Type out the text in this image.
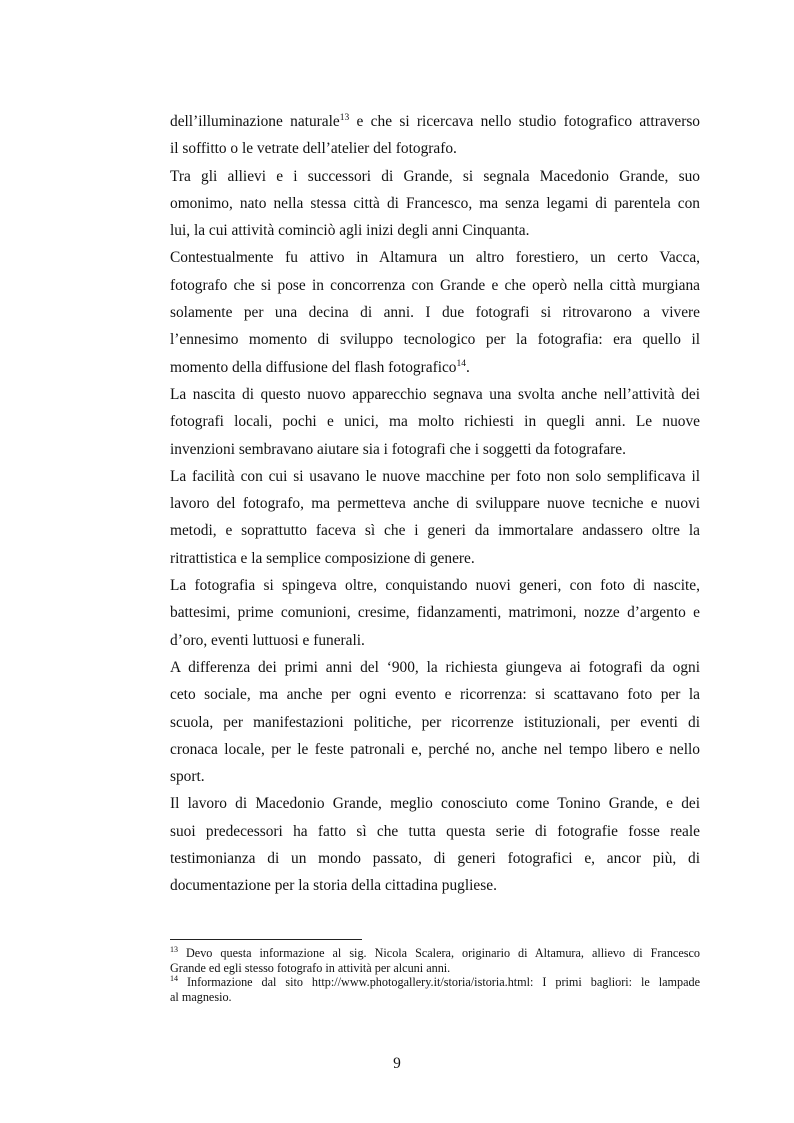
dell’illuminazione naturale$^{13}$ e che si ricercava nello studio fotografico attraverso
il soffitto o le vetrate dell’atelier del fotografo.
Tra gli allievi e i successori di Grande, si segnala Macedonio Grande, suo
omonimo, nato nella stessa città di Francesco, ma senza legami di parentela con
lui, la cui attività cominciò agli inizi degli anni Cinquanta.
Contestualmente fu attivo in Altamura un altro forestiero, un certo Vacca,
fotografo che si pose in concorrenza con Grande e che operò nella città murgiana
solamente per una decina di anni. I due fotografi si ritrovarono a vivere
l’ennesimo momento di sviluppo tecnologico per la fotografia: era quello il
momento della diffusione del flash fotografico$^{14}$.
La nascita di questo nuovo apparecchio segnava una svolta anche nell’attività dei
fotografi locali, pochi e unici, ma molto richiesti in quegli anni. Le nuove
invenzioni sembravano aiutare sia i fotografi che i soggetti da fotografare.
La facilità con cui si usavano le nuove macchine per foto non solo semplificava il
lavoro del fotografo, ma permetteva anche di sviluppare nuove tecniche e nuovi
metodi, e soprattutto faceva sì che i generi da immortalare andassero oltre la
ritrattistica e la semplice composizione di genere.
La fotografia si spingeva oltre, conquistando nuovi generi, con foto di nascite,
battesimi, prime comunioni, cresime, fidanzamenti, matrimoni, nozze d’argento e
d’oro, eventi luttuosi e funerali.
A differenza dei primi anni del ‘900, la richiesta giungeva ai fotografi da ogni
ceto sociale, ma anche per ogni evento e ricorrenza: si scattavano foto per la
scuola, per manifestazioni politiche, per ricorrenze istituzionali, per eventi di
cronaca locale, per le feste patronali e, perché no, anche nel tempo libero e nello
sport.
Il lavoro di Macedonio Grande, meglio conosciuto come Tonino Grande, e dei
suoi predecessori ha fatto sì che tutta questa serie di fotografie fosse reale
testimonianza di un mondo passato, di generi fotografici e, ancor più, di
documentazione per la storia della cittadina pugliese.
$^{13}$ Devo questa informazione al sig. Nicola Scalera, originario di Altamura, allievo di Francesco
Grande ed egli stesso fotografo in attività per alcuni anni.
$^{14}$ Informazione dal sito http://www.photogallery.it/storia/istoria.html: I primi bagliori: le lampade
al magnesio.
9
